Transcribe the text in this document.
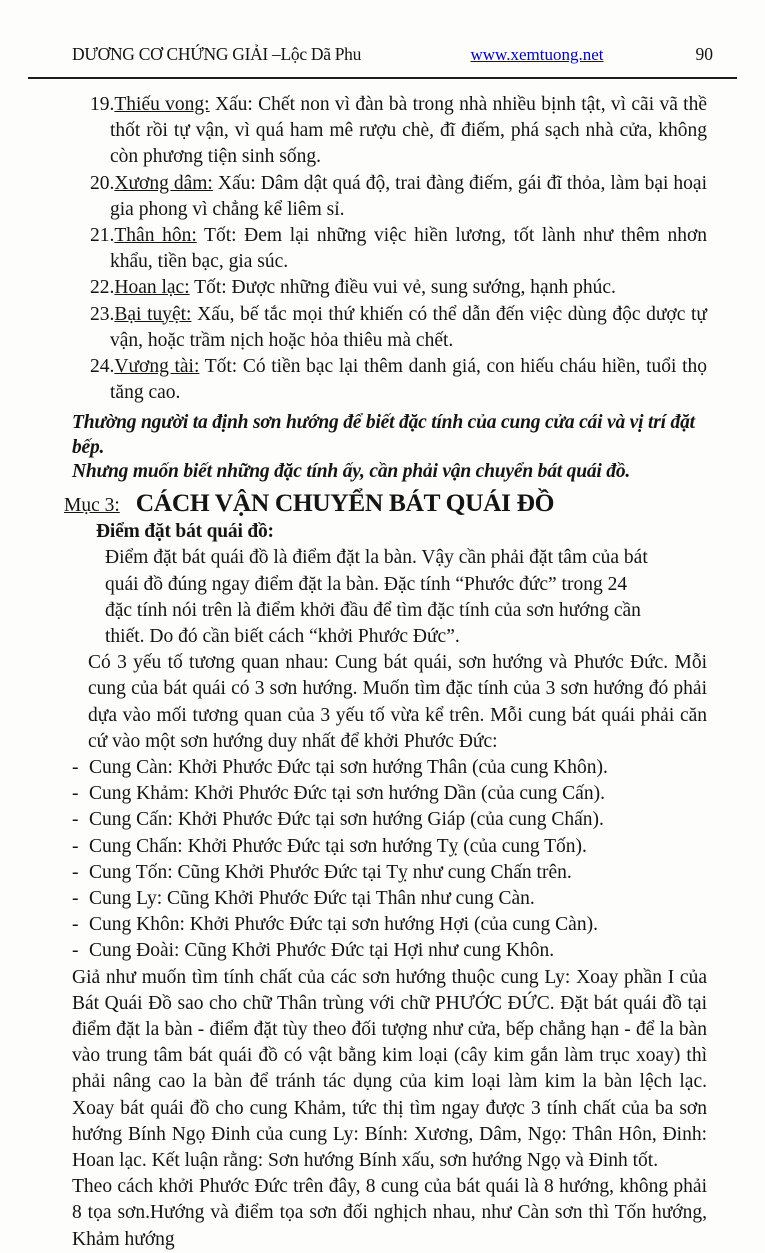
DƯƠNG CƠ CHỨNG GIẢI –Lộc Dã Phu	www.xemtuong.net	90
19.Thiếu vong: Xấu: Chết non vì đàn bà trong nhà nhiều bịnh tật, vì cãi vã thề thốt rồi tự vận, vì quá ham mê rượu chè, đĩ điếm, phá sạch nhà cửa, không còn phương tiện sinh sống.
20.Xương dâm: Xấu: Dâm dật quá độ, trai đàng điếm, gái đĩ thỏa, làm bại hoại gia phong vì chẳng kể liêm sỉ.
21.Thân hôn: Tốt: Đem lại những việc hiền lương, tốt lành như thêm nhơn khẩu, tiền bạc, gia súc.
22.Hoan lạc: Tốt: Được những điều vui vẻ, sung sướng, hạnh phúc.
23.Bại tuyệt: Xấu, bế tắc mọi thứ khiến có thể dẫn đến việc dùng độc dược tự vận, hoặc trầm nịch hoặc hỏa thiêu mà chết.
24.Vương tài: Tốt: Có tiền bạc lại thêm danh giá, con hiếu cháu hiền, tuổi thọ tăng cao.
Thường người ta định sơn hướng để biết đặc tính của cung cửa cái và vị trí đặt bếp.
Nhưng muốn biết những đặc tính ấy, cần phải vận chuyển bát quái đồ.
Mục 3: CÁCH VẬN CHUYỂN BÁT QUÁI ĐỒ
Điểm đặt bát quái đồ:
Điểm đặt bát quái đồ là điểm đặt la bàn. Vậy cần phải đặt tâm của bát quái đồ đúng ngay điểm đặt la bàn. Đặc tính “Phước đức” trong 24 đặc tính nói trên là điểm khởi đầu để tìm đặc tính của sơn hướng cần thiết. Do đó cần biết cách “khởi Phước Đức”.
Có 3 yếu tố tương quan nhau: Cung bát quái, sơn hướng và Phước Đức. Mỗi cung của bát quái có 3 sơn hướng. Muốn tìm đặc tính của 3 sơn hướng đó phải dựa vào mối tương quan của 3 yếu tố vừa kể trên. Mỗi cung bát quái phải căn cứ vào một sơn hướng duy nhất để khởi Phước Đức:
- Cung Càn: Khởi Phước Đức tại sơn hướng Thân (của cung Khôn).
- Cung Khảm: Khởi Phước Đức tại sơn hướng Dần (của cung Cấn).
- Cung Cấn: Khởi Phước Đức tại sơn hướng Giáp (của cung Chấn).
- Cung Chấn: Khởi Phước Đức tại sơn hướng Tỵ (của cung Tốn).
- Cung Tốn: Cũng Khởi Phước Đức tại Tỵ như cung Chấn trên.
- Cung Ly: Cũng Khởi Phước Đức tại Thân như cung Càn.
- Cung Khôn: Khởi Phước Đức tại sơn hướng Hợi (của cung Càn).
- Cung Đoài: Cũng Khởi Phước Đức tại Hợi như cung Khôn.
Giả như muốn tìm tính chất của các sơn hướng thuộc cung Ly: Xoay phần I của Bát Quái Đồ sao cho chữ Thân trùng với chữ PHƯỚC ĐỨC. Đặt bát quái đồ tại điểm đặt la bàn - điểm đặt tùy theo đối tượng như cửa, bếp chẳng hạn - để la bàn vào trung tâm bát quái đồ có vật bằng kim loại (cây kim gắn làm trục xoay) thì phải nâng cao la bàn để tránh tác dụng của kim loại làm kim la bàn lệch lạc. Xoay bát quái đồ cho cung Khảm, tức thị tìm ngay được 3 tính chất của ba sơn hướng Bính Ngọ Đinh của cung Ly: Bính: Xương, Dâm, Ngọ: Thân Hôn, Đinh: Hoan lạc. Kết luận rằng: Sơn hướng Bính xấu, sơn hướng Ngọ và Đinh tốt.
Theo cách khởi Phước Đức trên đây, 8 cung của bát quái là 8 hướng, không phải 8 tọa sơn.Hướng và điểm tọa sơn đối nghịch nhau, như Càn sơn thì Tốn hướng, Khảm hướng
